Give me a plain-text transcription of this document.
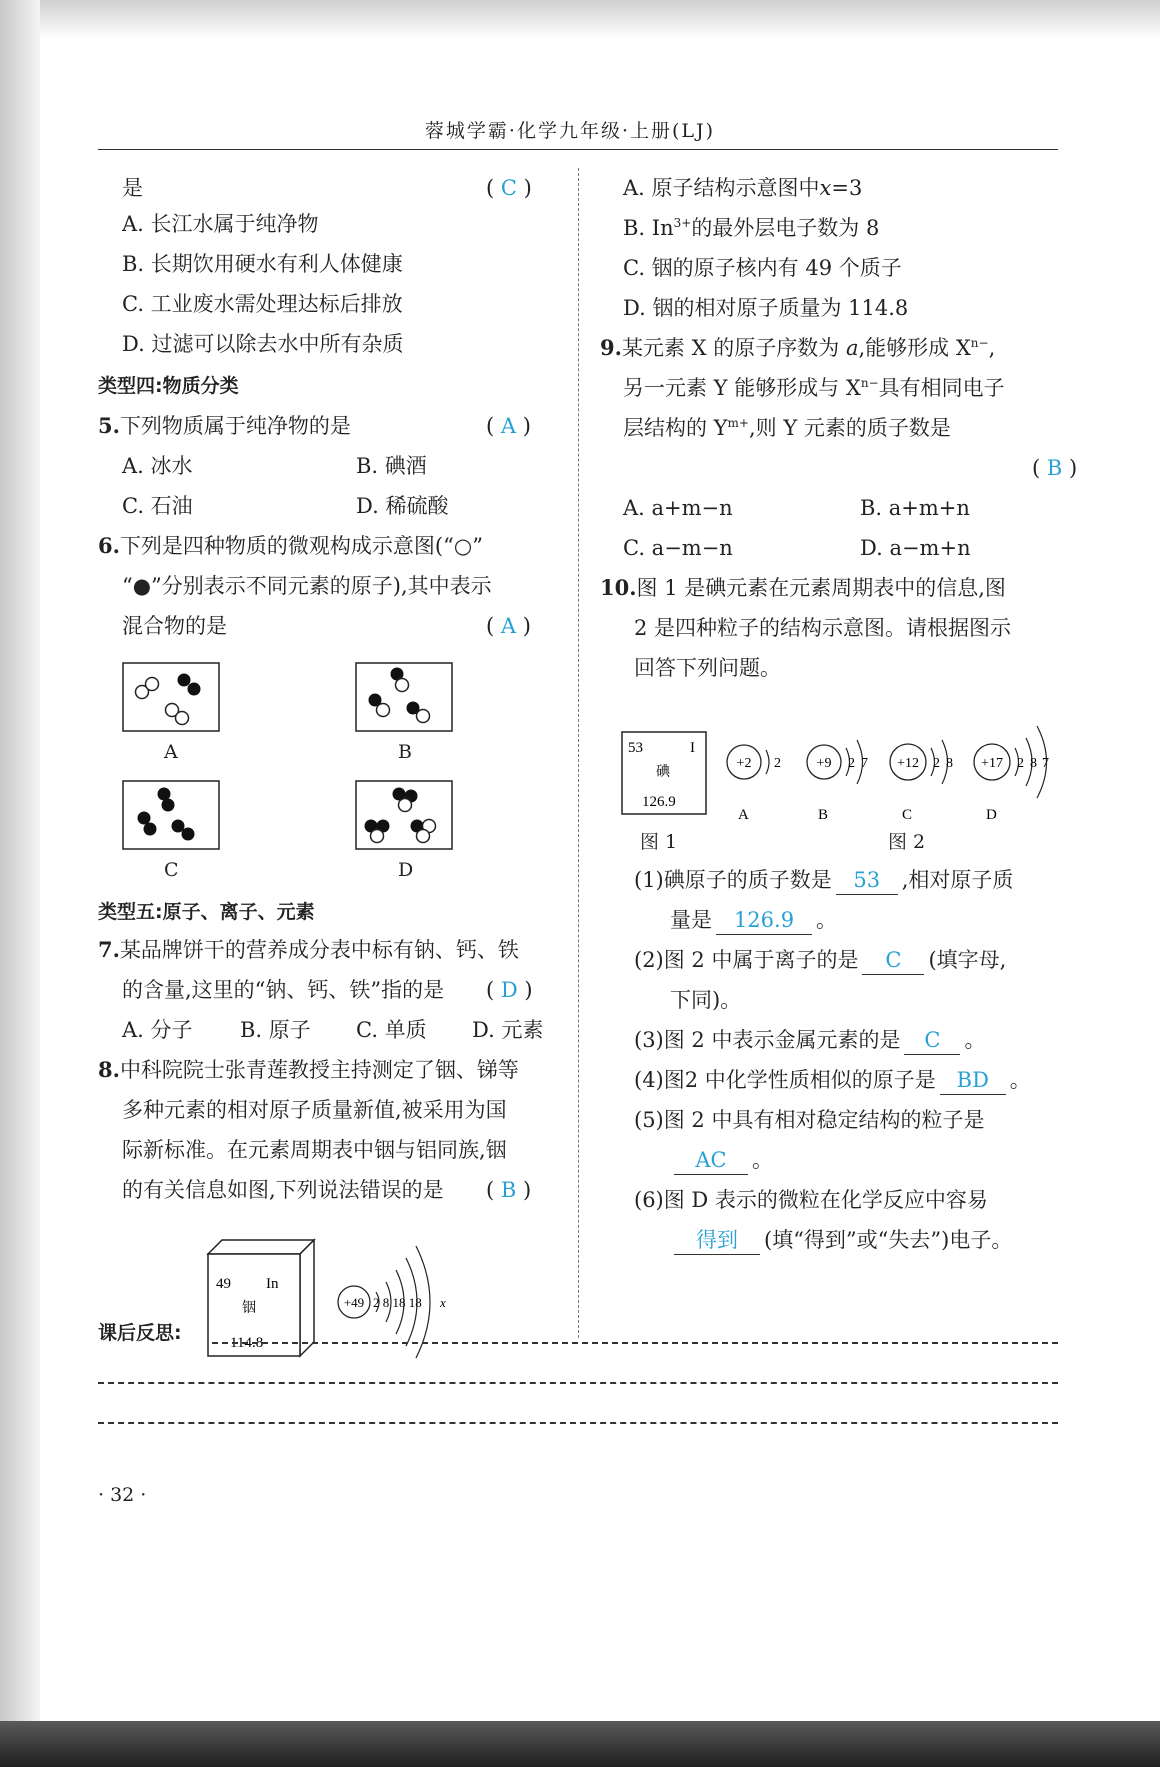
蓉城学霸·化学九年级·上册(LJ)
是	( C )
A. 长江水属于纯净物
B. 长期饮用硬水有利人体健康
C. 工业废水需处理达标后排放
D. 过滤可以除去水中所有杂质
类型四:物质分类
5.下列物质属于纯净物的是	( A )
A. 冰水	B. 碘酒
C. 石油	D. 稀硫酸
6.下列是四种物质的微观构成示意图(“○”
“●”分别表示不同元素的原子),其中表示
混合物的是	( A )
A	B
C	D
类型五:原子、离子、元素
7.某品牌饼干的营养成分表中标有钠、钙、铁
的含量,这里的“钠、钙、铁”指的是 ( D )
A. 分子 B. 原子 C. 单质 D. 元素
8.中科院院士张青莲教授主持测定了铟、锑等
多种元素的相对原子质量新值,被采用为国
际新标准。在元素周期表中铟与铝同族,铟
的有关信息如图,下列说法错误的是 ( B )
49 In
铟
114.8
+49 2 8 18 18 x
A. 原子结构示意图中x=3
B. $In^{3+}$的最外层电子数为 8
C. 铟的原子核内有 49 个质子
D. 铟的相对原子质量为 114.8
9.某元素 X 的原子序数为 a,能够形成 $X^{n-}$,
另一元素 Y 能够形成与 $X^{n-}$具有相同电子
层结构的 $Y^{m+}$,则 Y 元素的质子数是
( B )
A. a+m−n	B. a+m+n
C. a−m−n	D. a−m+n
10.图 1 是碘元素在元素周期表中的信息,图
2 是四种粒子的结构示意图。请根据图示
回答下列问题。
53	I
碘
126.9
图 1
+2 2
A
+9 2 7
B
+12 2 8
C
+17 2 8 7
D
图 2
(1)碘原子的质子数是 53 ,相对原子质
量是 126.9 。
(2)图 2 中属于离子的是 C (填字母,
下同)。
(3)图 2 中表示金属元素的是 C 。
(4)图2 中化学性质相似的原子是 BD 。
(5)图 2 中具有相对稳定结构的粒子是
AC 。
(6)图 D 表示的微粒在化学反应中容易
得到 (填“得到”或“失去”)电子。
课后反思:
· 32 ·
